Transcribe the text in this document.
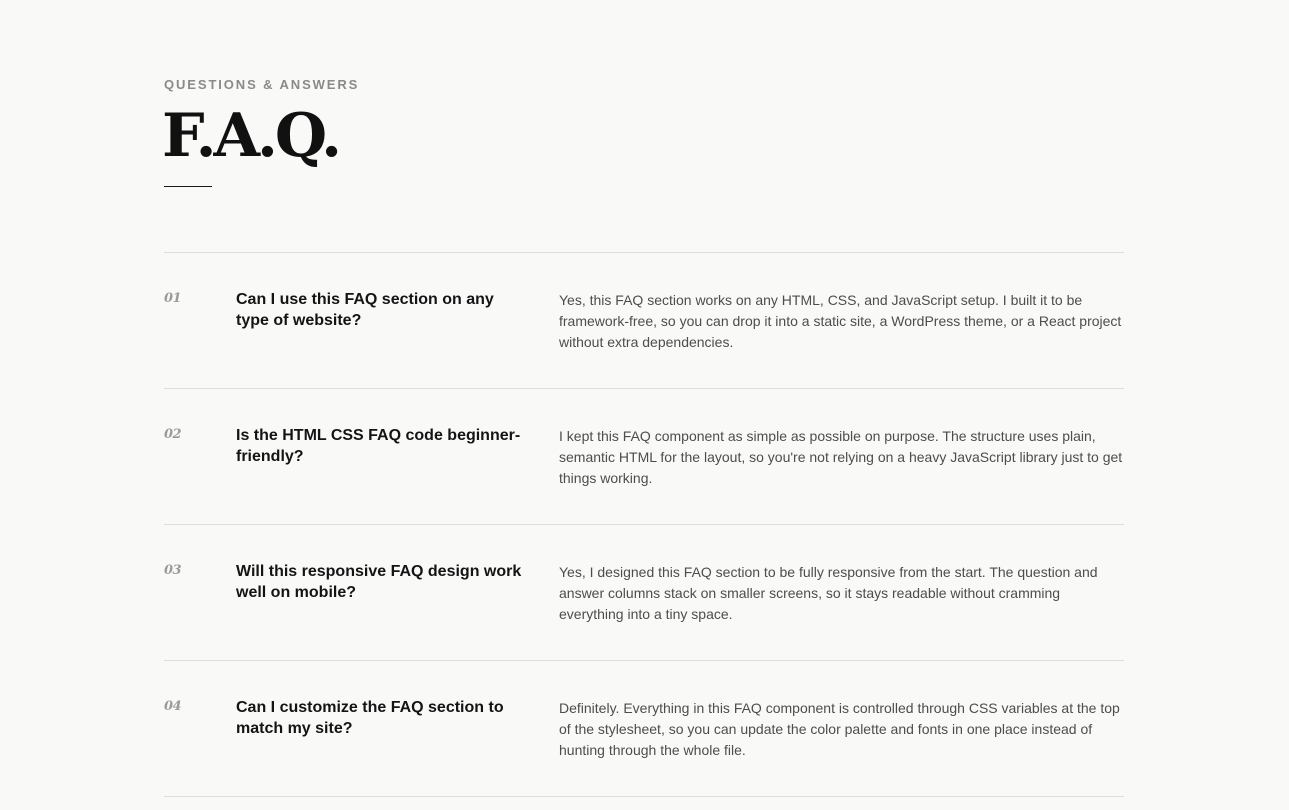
QUESTIONS & ANSWERS
F.A.Q.
01	Can I use this FAQ section on any type of website?

Yes, this FAQ section works on any HTML, CSS, and JavaScript setup. I built it to be framework-free, so you can drop it into a static site, a WordPress theme, or a React project without extra dependencies.

02	Is the HTML CSS FAQ code beginner-friendly?

I kept this FAQ component as simple as possible on purpose. The structure uses plain, semantic HTML for the layout, so you're not relying on a heavy JavaScript library just to get things working.

03	Will this responsive FAQ design work well on mobile?

Yes, I designed this FAQ section to be fully responsive from the start. The question and answer columns stack on smaller screens, so it stays readable without cramming everything into a tiny space.

04	Can I customize the FAQ section to match my site?

Definitely. Everything in this FAQ component is controlled through CSS variables at the top of the stylesheet, so you can update the color palette and fonts in one place instead of hunting through the whole file.
